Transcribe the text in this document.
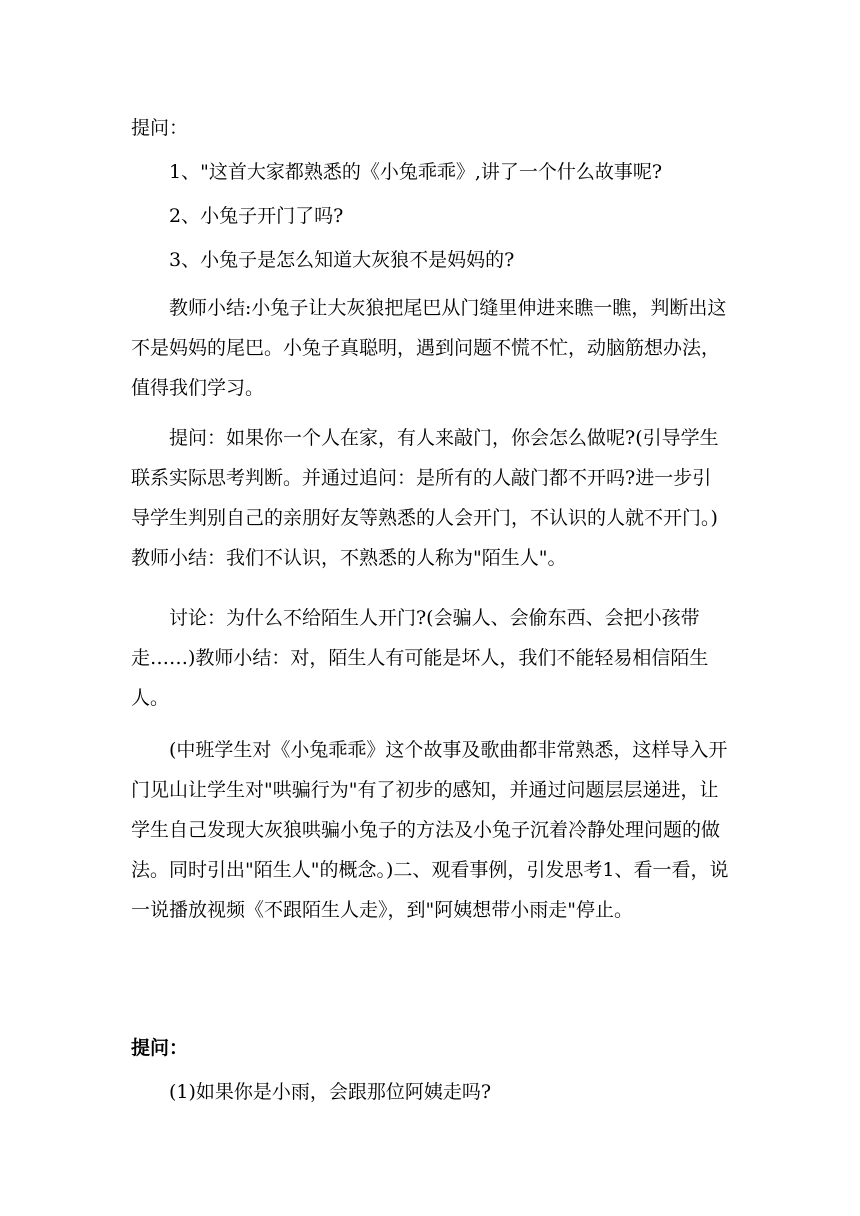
提问：

1、"这首大家都熟悉的《小兔乖乖》,讲了一个什么故事呢?

2、小兔子开门了吗?

3、小兔子是怎么知道大灰狼不是妈妈的?

教师小结:小兔子让大灰狼把尾巴从门缝里伸进来瞧一瞧，判断出这不是妈妈的尾巴。小兔子真聪明，遇到问题不慌不忙，动脑筋想办法，值得我们学习。

提问：如果你一个人在家，有人来敲门，你会怎么做呢?(引导学生联系实际思考判断。并通过追问：是所有的人敲门都不开吗?进一步引导学生判别自己的亲朋好友等熟悉的人会开门，不认识的人就不开门。)教师小结：我们不认识，不熟悉的人称为"陌生人"。

讨论：为什么不给陌生人开门?(会骗人、会偷东西、会把小孩带走……)教师小结：对，陌生人有可能是坏人，我们不能轻易相信陌生人。

(中班学生对《小兔乖乖》这个故事及歌曲都非常熟悉，这样导入开门见山让学生对"哄骗行为"有了初步的感知，并通过问题层层递进，让学生自己发现大灰狼哄骗小兔子的方法及小兔子沉着冷静处理问题的做法。同时引出"陌生人"的概念。)二、观看事例，引发思考1、看一看，说一说播放视频《不跟陌生人走》，到"阿姨想带小雨走"停止。

提问：

(1)如果你是小雨，会跟那位阿姨走吗?
